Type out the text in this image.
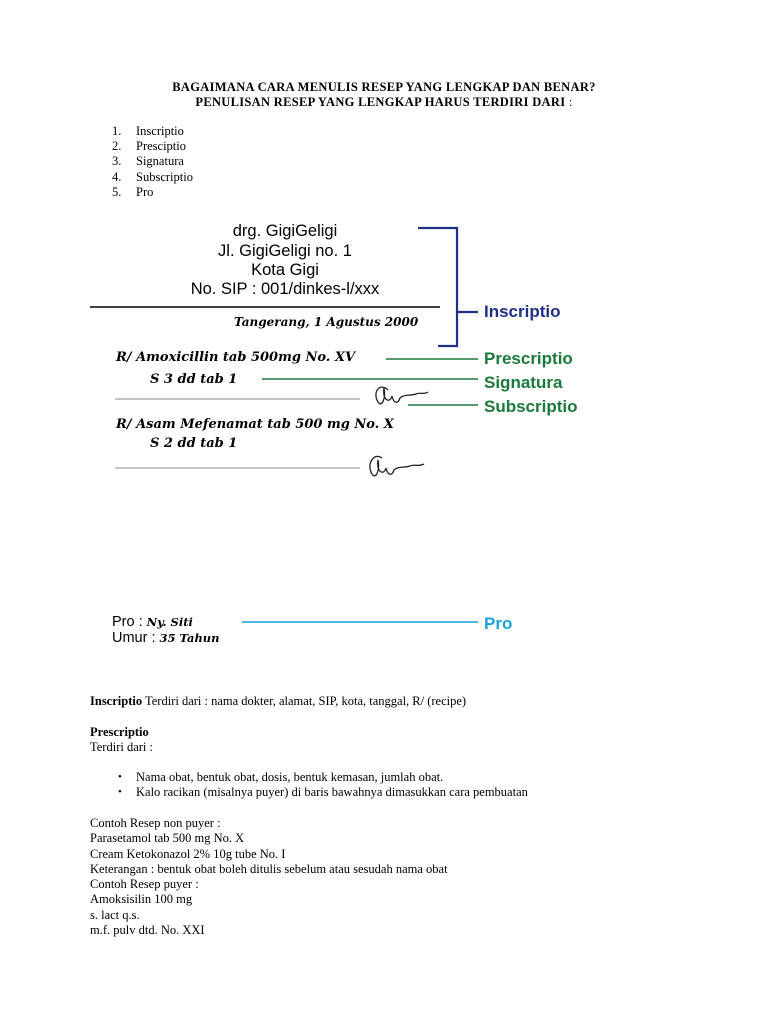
BAGAIMANA CARA MENULIS RESEP YANG LENGKAP DAN BENAR?
PENULISAN RESEP YANG LENGKAP HARUS TERDIRI DARI :
1. Inscriptio
2. Presciptio
3. Signatura
4. Subscriptio
5. Pro
drg. GigiGeligi
Jl. GigiGeligi no. 1
Kota Gigi
No. SIP : 001/dinkes-l/xxx
Tangerang, 1 Agustus 2000
R/ Amoxicillin tab 500mg No. XV
S 3 dd tab 1
R/ Asam Mefenamat tab 500 mg No. X
S 2 dd tab 1
Pro : Ny. Siti
Umur : 35 Tahun
Inscriptio
Prescriptio
Signatura
Subscriptio
Pro
Inscriptio Terdiri dari : nama dokter, alamat, SIP, kota, tanggal, R/ (recipe)
Prescriptio
Terdiri dari :
• Nama obat, bentuk obat, dosis, bentuk kemasan, jumlah obat.
• Kalo racikan (misalnya puyer) di baris bawahnya dimasukkan cara pembuatan
Contoh Resep non puyer :
Parasetamol tab 500 mg No. X
Cream Ketokonazol 2% 10g tube No. I
Keterangan : bentuk obat boleh ditulis sebelum atau sesudah nama obat
Contoh Resep puyer :
Amoksisilin 100 mg
s. lact q.s.
m.f. pulv dtd. No. XXI
